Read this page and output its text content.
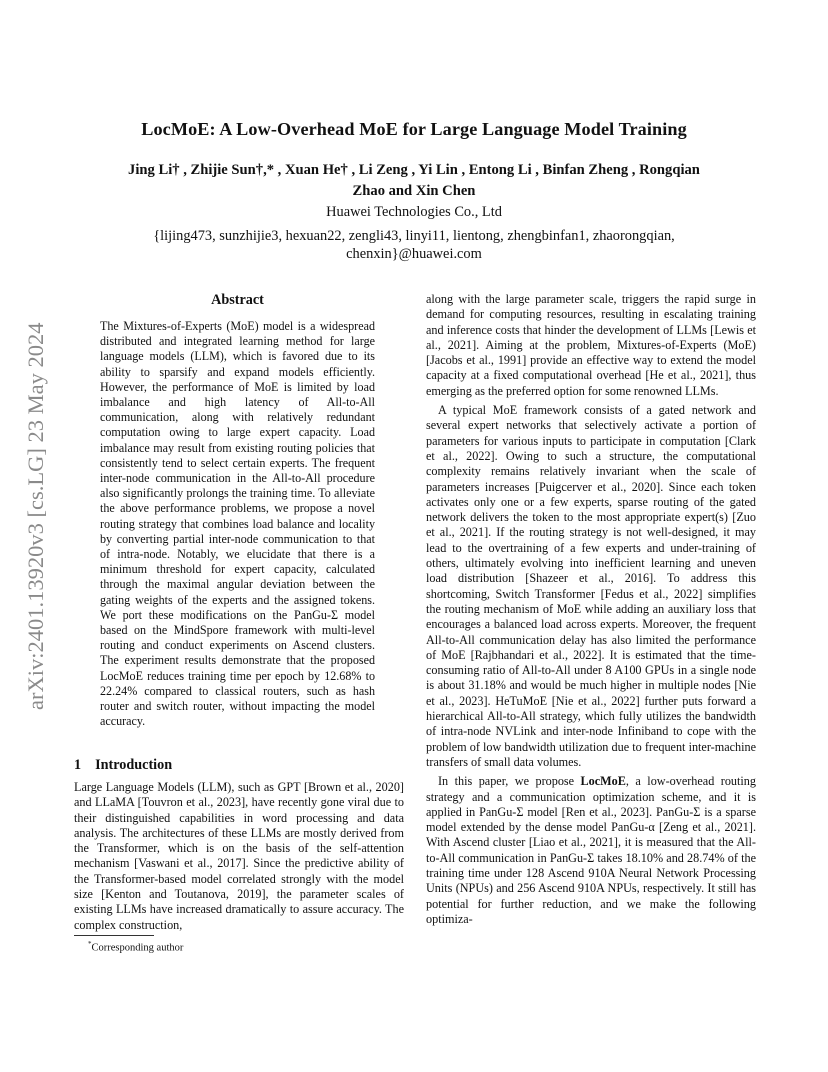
arXiv:2401.13920v3 [cs.LG] 23 May 2024
LocMoE: A Low-Overhead MoE for Large Language Model Training
Jing Li† , Zhijie Sun†,* , Xuan He† , Li Zeng , Yi Lin , Entong Li , Binfan Zheng , Rongqian
Zhao and Xin Chen
Huawei Technologies Co., Ltd
{lijing473, sunzhijie3, hexuan22, zengli43, linyi11, lientong, zhengbinfan1, zhaorongqian, chenxin}@huawei.com
Abstract

The Mixtures-of-Experts (MoE) model is a widespread distributed and integrated learning method for large language models (LLM), which is favored due to its ability to sparsify and expand models efficiently. However, the performance of MoE is limited by load imbalance and high latency of All-to-All communication, along with relatively redundant computation owing to large expert capacity. Load imbalance may result from existing routing policies that consistently tend to select certain experts. The frequent inter-node communication in the All-to-All procedure also significantly prolongs the training time. To alleviate the above performance problems, we propose a novel routing strategy that combines load balance and locality by converting partial inter-node communication to that of intra-node. Notably, we elucidate that there is a minimum threshold for expert capacity, calculated through the maximal angular deviation between the gating weights of the experts and the assigned tokens. We port these modifications on the PanGu-Σ model based on the MindSpore framework with multi-level routing and conduct experiments on Ascend clusters. The experiment results demonstrate that the proposed LocMoE reduces training time per epoch by 12.68% to 22.24% compared to classical routers, such as hash router and switch router, without impacting the model accuracy.

1 Introduction

Large Language Models (LLM), such as GPT [Brown et al., 2020] and LLaMA [Touvron et al., 2023], have recently gone viral due to their distinguished capabilities in word processing and data analysis. The architectures of these LLMs are mostly derived from the Transformer, which is on the basis of the self-attention mechanism [Vaswani et al., 2017]. Since the predictive ability of the Transformer-based model correlated strongly with the model size [Kenton and Toutanova, 2019], the parameter scales of existing LLMs have increased dramatically to assure accuracy. The complex construction,

along with the large parameter scale, triggers the rapid surge in demand for computing resources, resulting in escalating training and inference costs that hinder the development of LLMs [Lewis et al., 2021]. Aiming at the problem, Mixtures-of-Experts (MoE) [Jacobs et al., 1991] provide an effective way to extend the model capacity at a fixed computational overhead [He et al., 2021], thus emerging as the preferred option for some renowned LLMs.

A typical MoE framework consists of a gated network and several expert networks that selectively activate a portion of parameters for various inputs to participate in computation [Clark et al., 2022]. Owing to such a structure, the computational complexity remains relatively invariant when the scale of parameters increases [Puigcerver et al., 2020]. Since each token activates only one or a few experts, sparse routing of the gated network delivers the token to the most appropriate expert(s) [Zuo et al., 2021]. If the routing strategy is not well-designed, it may lead to the overtraining of a few experts and under-training of others, ultimately evolving into inefficient learning and uneven load distribution [Shazeer et al., 2016]. To address this shortcoming, Switch Transformer [Fedus et al., 2022] simplifies the routing mechanism of MoE while adding an auxiliary loss that encourages a balanced load across experts. Moreover, the frequent All-to-All communication delay has also limited the performance of MoE [Rajbhandari et al., 2022]. It is estimated that the time-consuming ratio of All-to-All under 8 A100 GPUs in a single node is about 31.18% and would be much higher in multiple nodes [Nie et al., 2023]. HeTuMoE [Nie et al., 2022] further puts forward a hierarchical All-to-All strategy, which fully utilizes the bandwidth of intra-node NVLink and inter-node Infiniband to cope with the problem of low bandwidth utilization due to frequent inter-machine transfers of small data volumes.

In this paper, we propose LocMoE, a low-overhead routing strategy and a communication optimization scheme, and it is applied in PanGu-Σ model [Ren et al., 2023]. PanGu-Σ is a sparse model extended by the dense model PanGu-α [Zeng et al., 2021]. With Ascend cluster [Liao et al., 2021], it is measured that the All-to-All communication in PanGu-Σ takes 18.10% and 28.74% of the training time under 128 Ascend 910A Neural Network Processing Units (NPUs) and 256 Ascend 910A NPUs, respectively. It still has potential for further reduction, and we make the following optimiza-

*Corresponding author
